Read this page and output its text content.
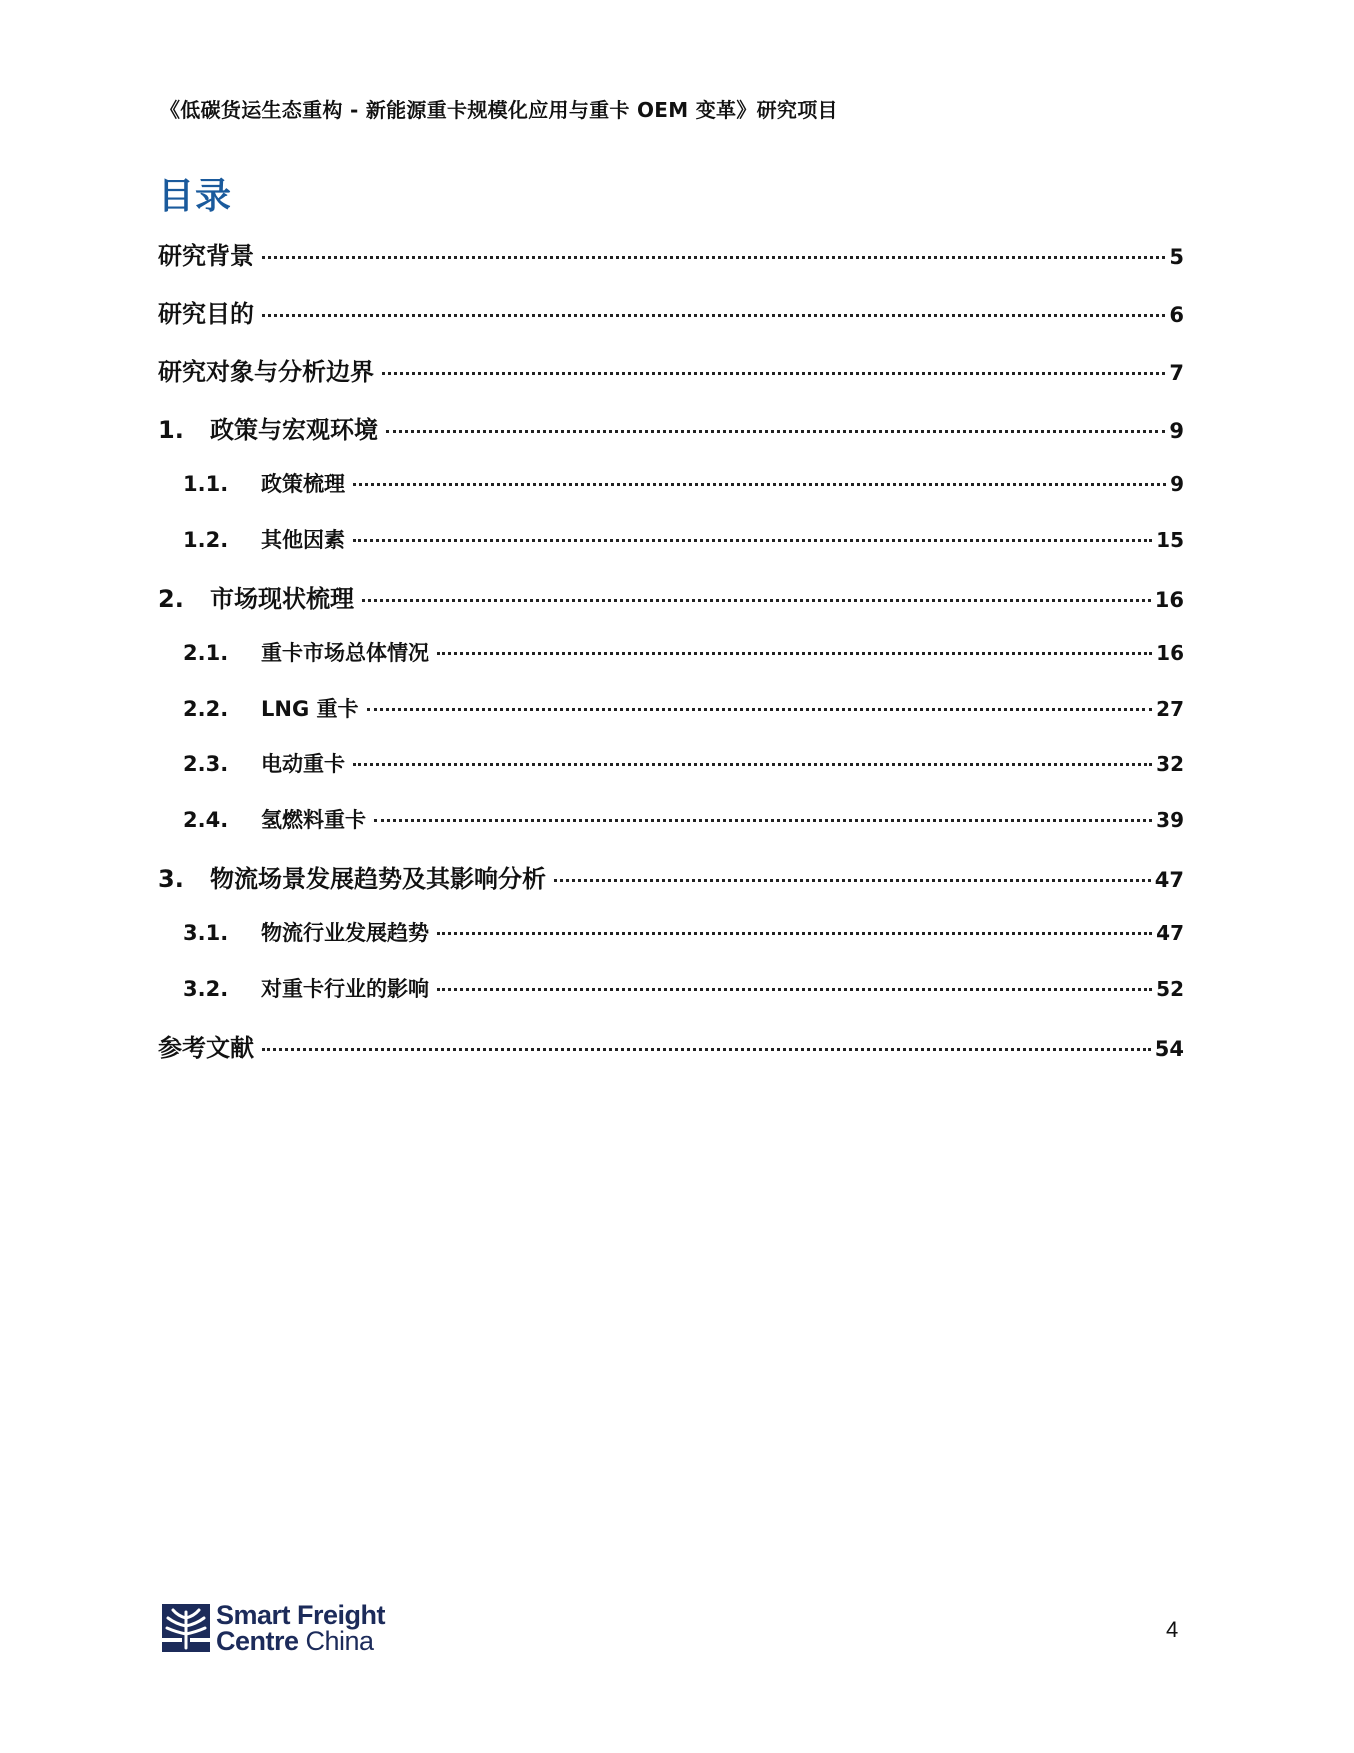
《低碳货运生态重构 - 新能源重卡规模化应用与重卡 OEM 变革》研究项目
目录
研究背景	5
研究目的	6
研究对象与分析边界	7
1.	政策与宏观环境	9
1.1.	政策梳理	9
1.2.	其他因素	15
2.	市场现状梳理	16
2.1.	重卡市场总体情况	16
2.2.	LNG 重卡	27
2.3.	电动重卡	32
2.4.	氢燃料重卡	39
3.	物流场景发展趋势及其影响分析	47
3.1.	物流行业发展趋势	47
3.2.	对重卡行业的影响	52
参考文献	54
Smart Freight
Centre China	4
